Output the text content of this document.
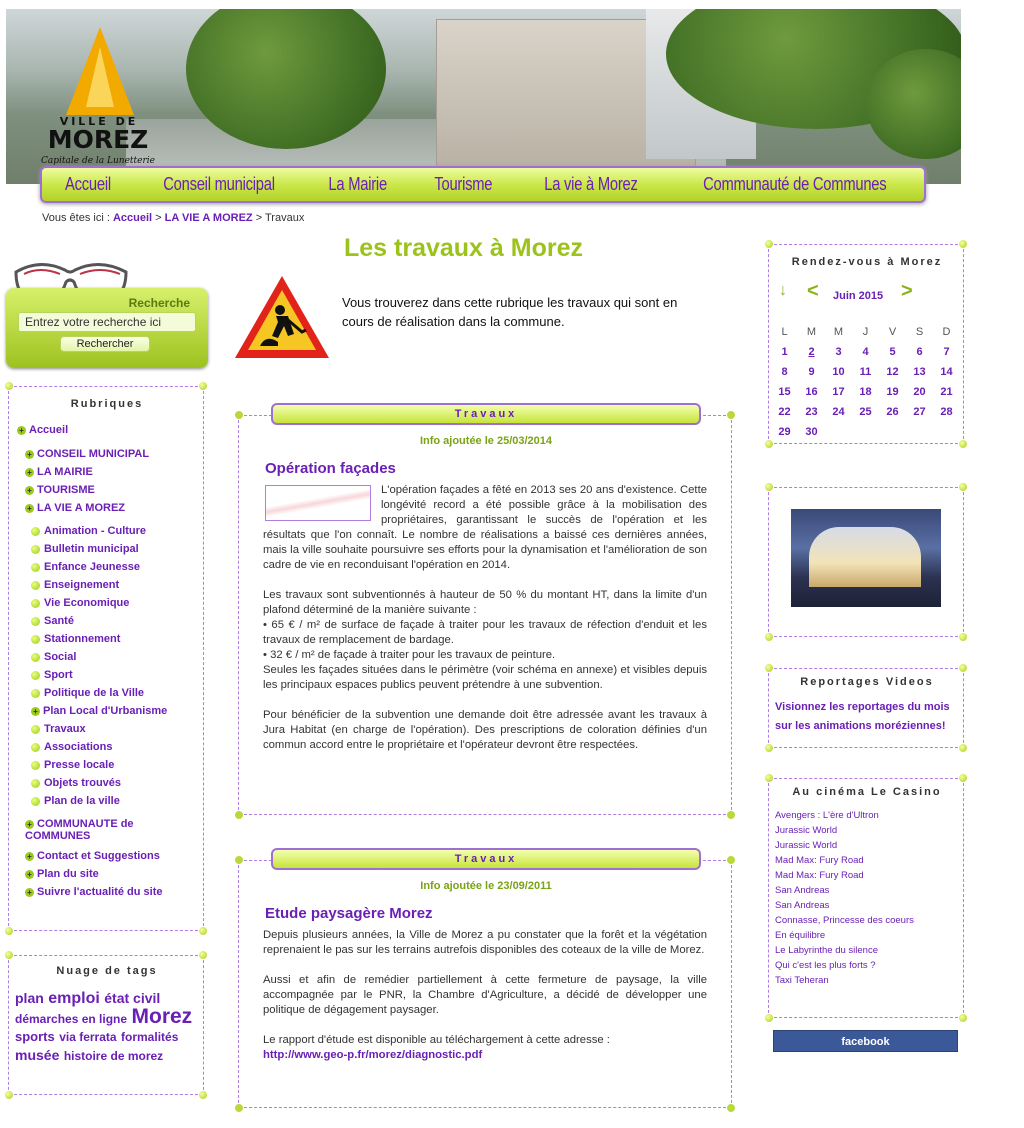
VILLE DE
MOREZ
Capitale de la Lunetterie
Accueil	Conseil municipal	La Mairie	Tourisme	La vie à Morez	Communauté de Communes
Vous êtes ici : Accueil > LA VIE A MOREZ > Travaux
Recherche
Entrez votre recherche ici
Rechercher
Rubriques
+ Accueil
+ CONSEIL MUNICIPAL
+ LA MAIRIE
+ TOURISME
+ LA VIE A MOREZ
Animation - Culture
Bulletin municipal
Enfance Jeunesse
Enseignement
Vie Economique
Santé
Stationnement
Social
Sport
Politique de la Ville
+ Plan Local d'Urbanisme
Travaux
Associations
Presse locale
Objets trouvés
Plan de la ville
+ COMMUNAUTE de COMMUNES
+ Contact et Suggestions
+ Plan du site
+ Suivre l'actualité du site
Nuage de tags
plan emploi état civil démarches en ligne Morez sports via ferrata formalités musée histoire de morez
Les travaux à Morez
Vous trouverez dans cette rubrique les travaux qui sont en cours de réalisation dans la commune.
Travaux
Info ajoutée le 25/03/2014
Opération façades

L'opération façades a fêté en 2013 ses 20 ans d'existence. Cette longévité record a été possible grâce à la mobilisation des propriétaires, garantissant le succès de l'opération et les résultats que l'on connaît. Le nombre de réalisations a baissé ces dernières années, mais la ville souhaite poursuivre ses efforts pour la dynamisation et l'amélioration de son cadre de vie en reconduisant l'opération en 2014.

Les travaux sont subventionnés à hauteur de 50 % du montant HT, dans la limite d'un plafond déterminé de la manière suivante :
• 65 € / m² de surface de façade à traiter pour les travaux de réfection d'enduit et les travaux de remplacement de bardage.
• 32 € / m² de façade à traiter pour les travaux de peinture.
Seules les façades situées dans le périmètre (voir schéma en annexe) et visibles depuis les principaux espaces publics peuvent prétendre à une subvention.

Pour bénéficier de la subvention une demande doit être adressée avant les travaux à Jura Habitat (en charge de l'opération). Des prescriptions de coloration définies d'un commun accord entre le propriétaire et l'opérateur devront être respectées.

Travaux
Info ajoutée le 23/09/2011
Etude paysagère Morez

Depuis plusieurs années, la Ville de Morez a pu constater que la forêt et la végétation reprenaient le pas sur les terrains autrefois disponibles des coteaux de la ville de Morez.

Aussi et afin de remédier partiellement à cette fermeture de paysage, la ville accompagnée par le PNR, la Chambre d'Agriculture, a décidé de développer une politique de dégagement paysager.

Le rapport d'étude est disponible au téléchargement à cette adresse :
http://www.geo-p.fr/morez/diagnostic.pdf

Rendez-vous à Morez
↓ < Juin 2015 >
L	M	M	J	V	S	D
1	2	3	4	5	6	7
8	9	10	11	12	13	14
15	16	17	18	19	20	21
22	23	24	25	26	27	28
29	30
Reportages Videos
Visionnez les reportages du mois sur les animations moréziennes!
Au cinéma Le Casino
Avengers : L'ère d'Ultron
Jurassic World
Jurassic World
Mad Max: Fury Road
Mad Max: Fury Road
San Andreas
San Andreas
Connasse, Princesse des coeurs
En équilibre
Le Labyrinthe du silence
Qui c'est les plus forts ?
Taxi Teheran
facebook
